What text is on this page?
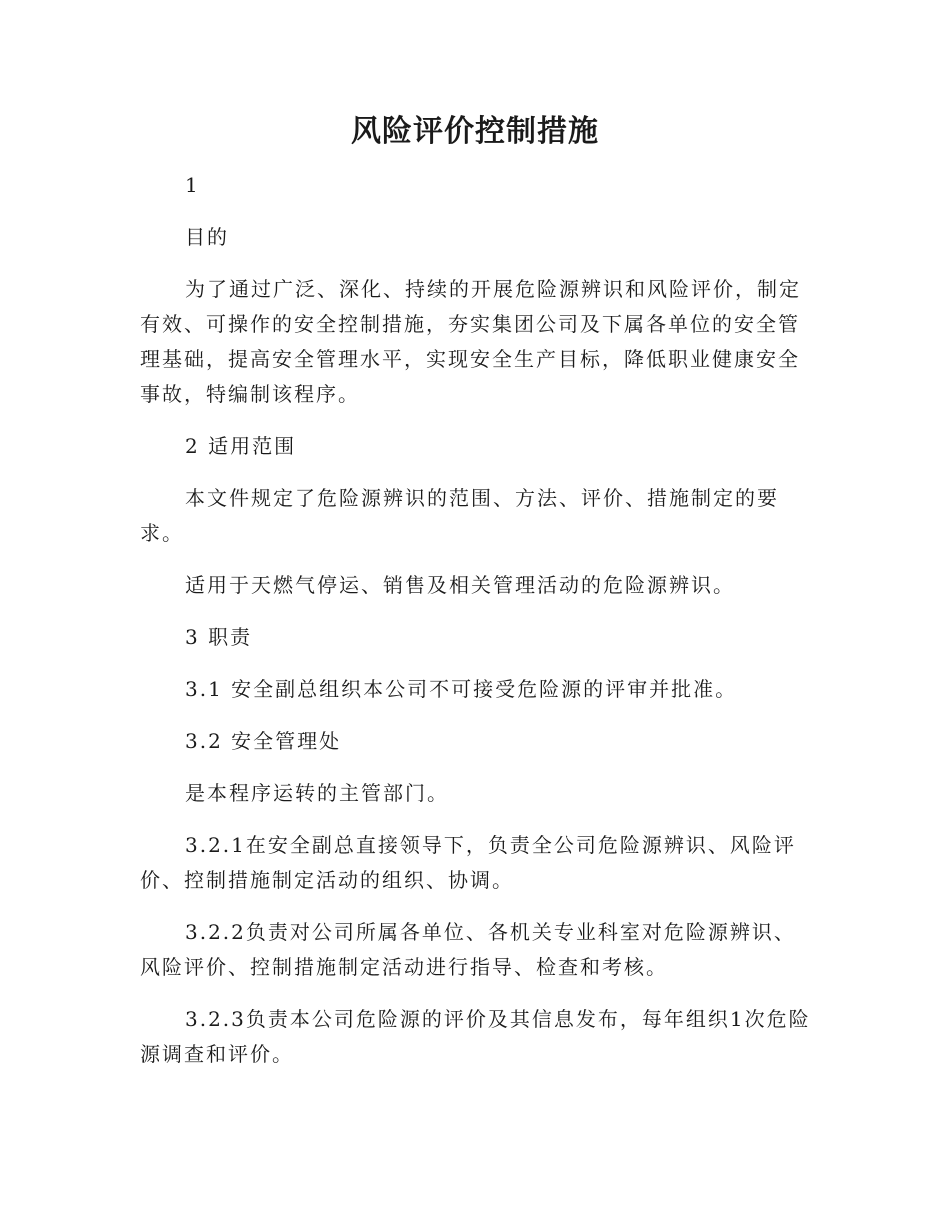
风险评价控制措施

1

目的

为了通过广泛、深化、持续的开展危险源辨识和风险评价，制定有效、可操作的安全控制措施，夯实集团公司及下属各单位的安全管理基础，提高安全管理水平，实现安全生产目标，降低职业健康安全事故，特编制该程序。

2 适用范围

本文件规定了危险源辨识的范围、方法、评价、措施制定的要求。

适用于天燃气停运、销售及相关管理活动的危险源辨识。

3 职责

3.1 安全副总组织本公司不可接受危险源的评审并批准。

3.2 安全管理处

是本程序运转的主管部门。

3.2.1在安全副总直接领导下，负责全公司危险源辨识、风险评价、控制措施制定活动的组织、协调。

3.2.2负责对公司所属各单位、各机关专业科室对危险源辨识、风险评价、控制措施制定活动进行指导、检查和考核。

3.2.3负责本公司危险源的评价及其信息发布，每年组织1次危险源调查和评价。
